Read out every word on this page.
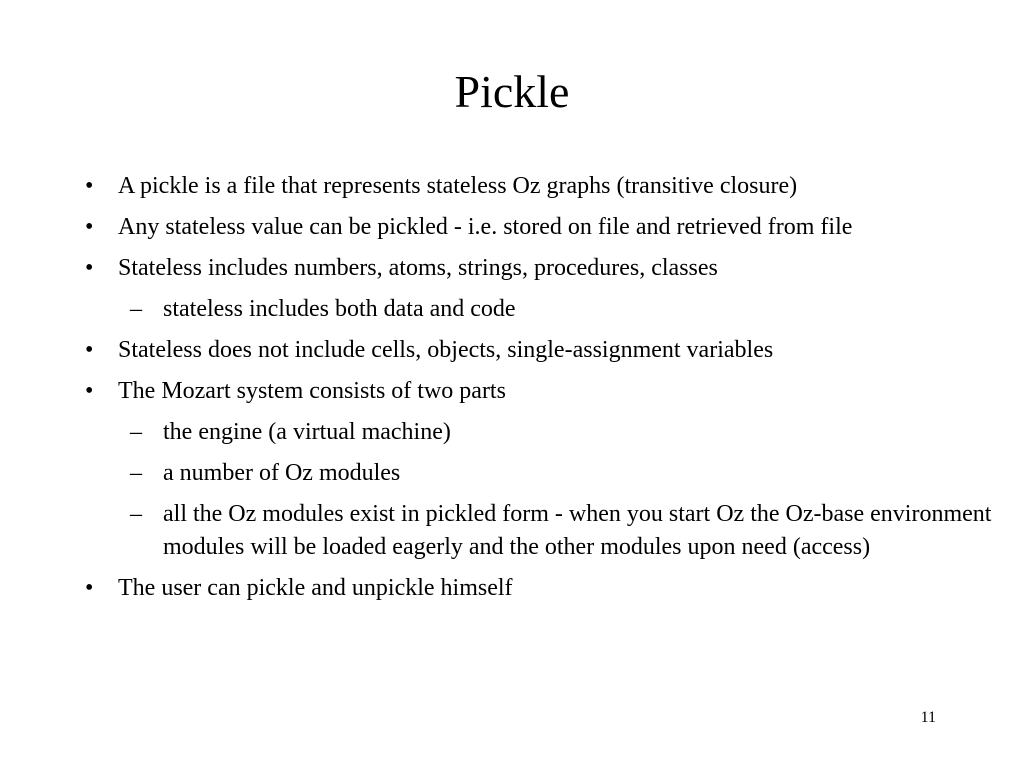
Pickle
• A pickle is a file that represents stateless Oz graphs (transitive closure)
• Any stateless value can be pickled - i.e. stored on file and retrieved from file
• Stateless includes numbers, atoms, strings, procedures, classes
– stateless includes both data and code
• Stateless does not include cells, objects, single-assignment variables
• The Mozart system consists of two parts
– the engine (a virtual machine)
– a number of Oz modules
– all the Oz modules exist in pickled form - when you start Oz the Oz-base environment modules will be loaded eagerly and the other modules upon need (access)
• The user can pickle and unpickle himself
11
